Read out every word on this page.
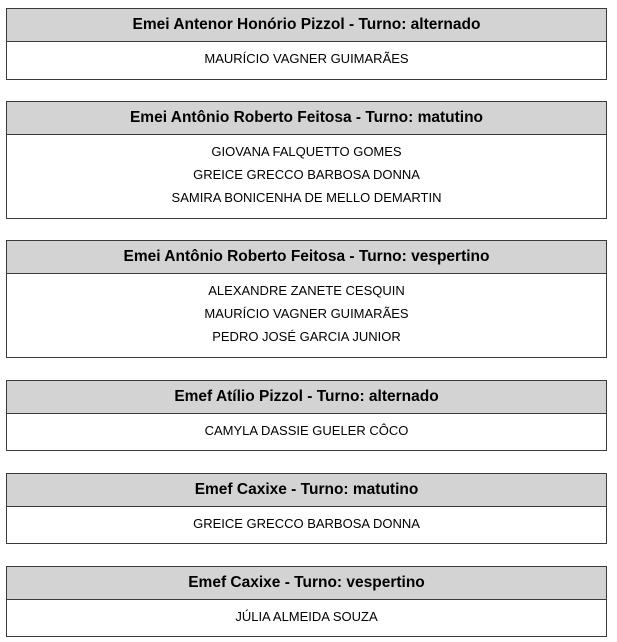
Emei Antenor Honório Pizzol - Turno: alternado
MAURÍCIO VAGNER GUIMARÃES
Emei Antônio Roberto Feitosa - Turno: matutino
GIOVANA FALQUETTO GOMES
GREICE GRECCO BARBOSA DONNA
SAMIRA BONICENHA DE MELLO DEMARTIN
Emei Antônio Roberto Feitosa - Turno: vespertino
ALEXANDRE ZANETE CESQUIN
MAURÍCIO VAGNER GUIMARÃES
PEDRO JOSÉ GARCIA JUNIOR
Emef Atílio Pizzol - Turno: alternado
CAMYLA DASSIE GUELER CÔCO
Emef Caxixe - Turno: matutino
GREICE GRECCO BARBOSA DONNA
Emef Caxixe - Turno: vespertino
JÚLIA ALMEIDA SOUZA
